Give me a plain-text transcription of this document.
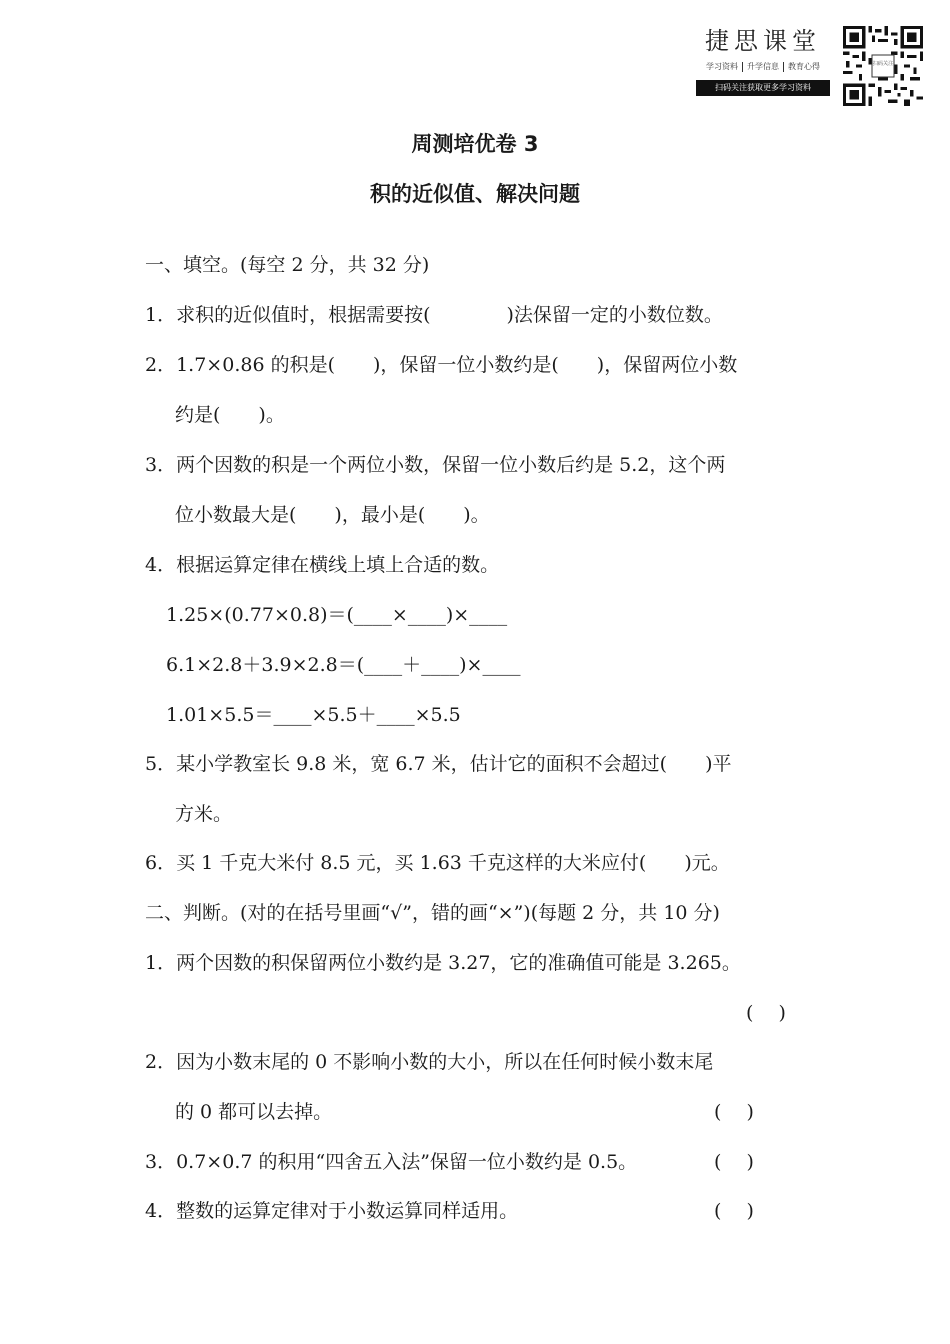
捷思课堂
学习资料	升学信息	教育心得
扫码关注获取更多学习资料
扫码关注
周测培优卷 3
积的近似值、解决问题
一、填空。(每空 2 分，共 32 分)
1．求积的近似值时，根据需要按(　　　　)法保留一定的小数位数。
2．1.7×0.86 的积是(　　)，保留一位小数约是(　　)，保留两位小数
约是(　　)。
3．两个因数的积是一个两位小数，保留一位小数后约是 5.2，这个两
位小数最大是(　　)，最小是(　　)。
4．根据运算定律在横线上填上合适的数。
1.25×(0.77×0.8)＝(____×____)×____
6.1×2.8＋3.9×2.8＝(____＋____)×____
1.01×5.5＝____×5.5＋____×5.5
5．某小学教室长 9.8 米，宽 6.7 米，估计它的面积不会超过(　　)平
方米。
6．买 1 千克大米付 8.5 元，买 1.63 千克这样的大米应付(　　)元。
二、判断。(对的在括号里画“√”，错的画“×”)(每题 2 分，共 10 分)
1．两个因数的积保留两位小数约是 3.27，它的准确值可能是 3.265。
(　 )
2．因为小数末尾的 0 不影响小数的大小，所以在任何时候小数末尾
的 0 都可以去掉。	(　 )
3．0.7×0.7 的积用“四舍五入法”保留一位小数约是 0.5。	(　 )
4．整数的运算定律对于小数运算同样适用。	(　 )
